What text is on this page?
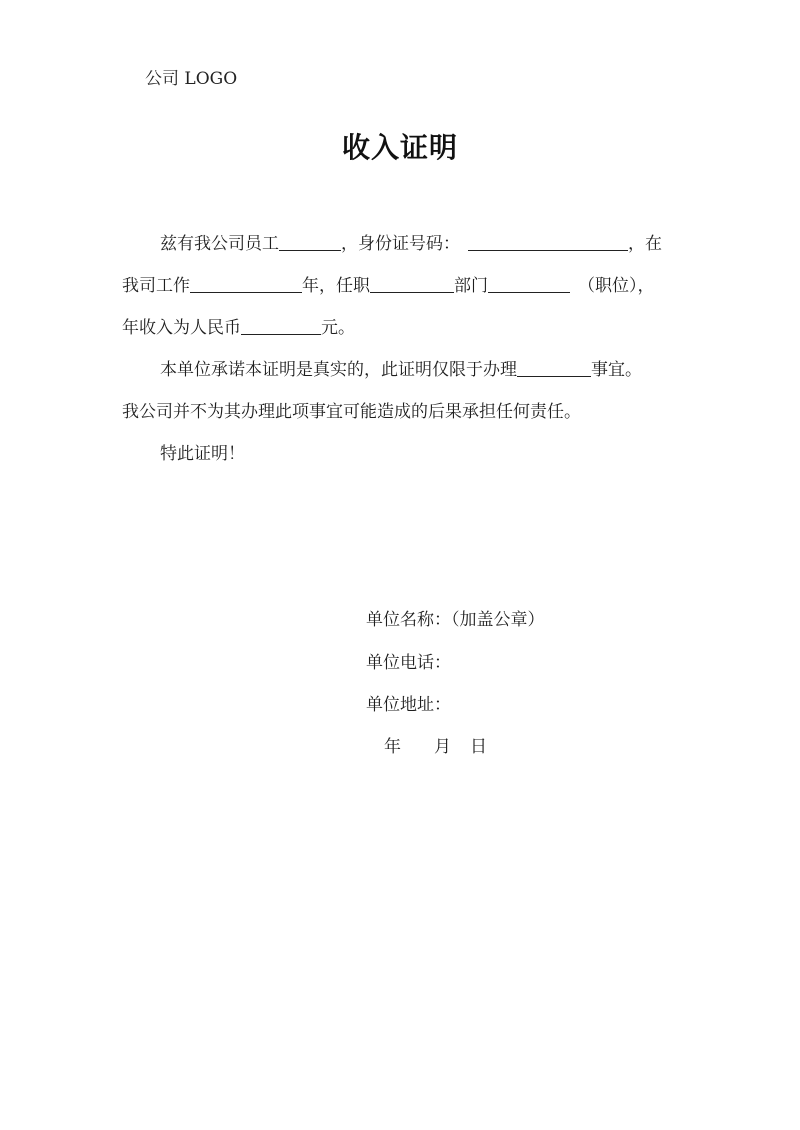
公司 LOGO
收入证明
兹有我公司员工	，身份证号码：	，在
我司工作	年，任职	部门	（职位），
年收入为人民币	元。
本单位承诺本证明是真实的，此证明仅限于办理	事宜。
我公司并不为其办理此项事宜可能造成的后果承担任何责任。
特此证明！
单位名称：（加盖公章）
单位电话：
单位地址：
年 月 日
